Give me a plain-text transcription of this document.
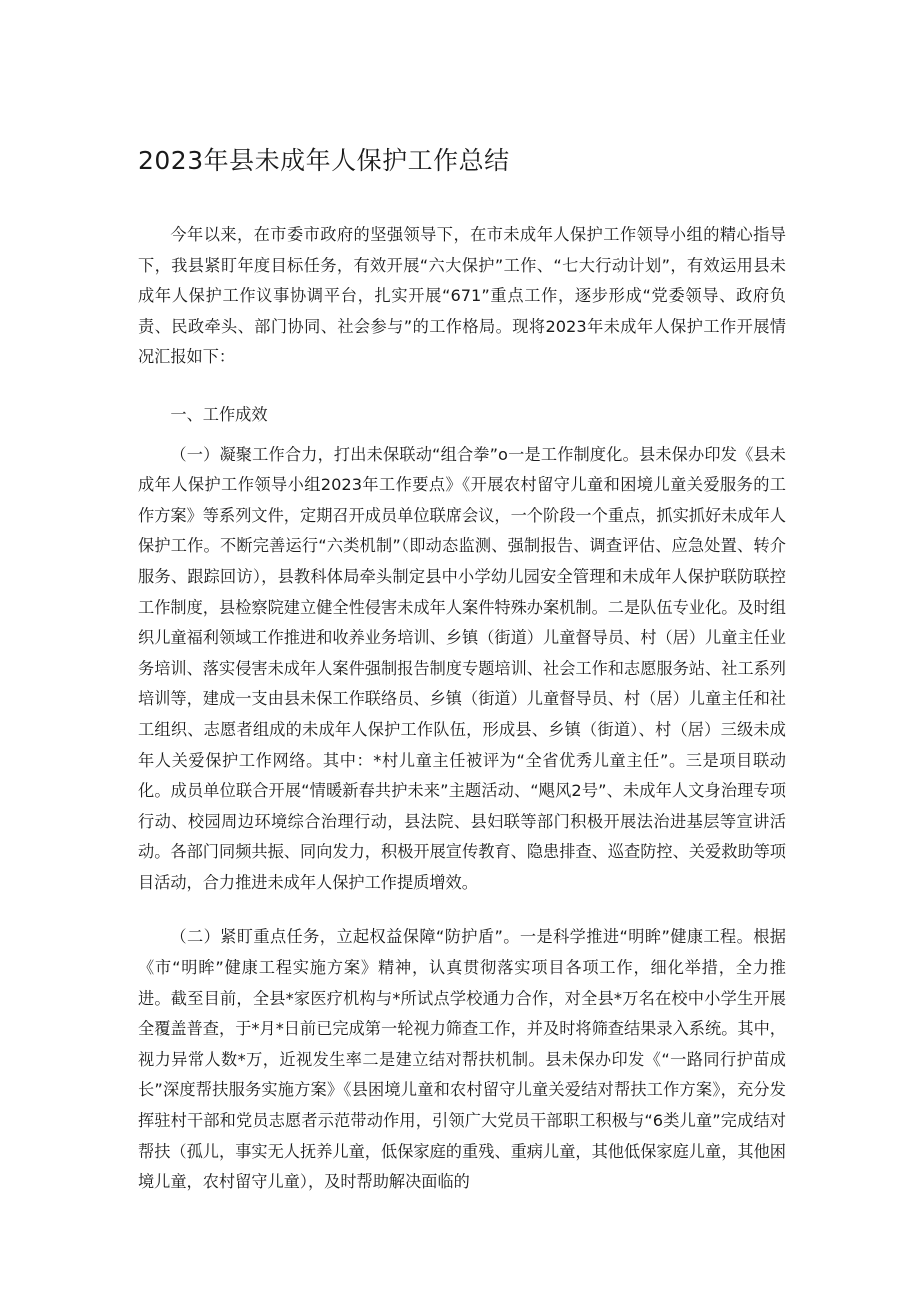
2023年县未成年人保护工作总结

今年以来，在市委市政府的坚强领导下，在市未成年人保护工作领导小组的精心指导下，我县紧盯年度目标任务，有效开展“六大保护”工作、“七大行动计划”，有效运用县未成年人保护工作议事协调平台，扎实开展“671”重点工作，逐步形成“党委领导、政府负责、民政牵头、部门协同、社会参与”的工作格局。现将2023年未成年人保护工作开展情况汇报如下：

一、工作成效

（一）凝聚工作合力，打出未保联动“组合拳”o一是工作制度化。县未保办印发《县未成年人保护工作领导小组2023年工作要点》《开展农村留守儿童和困境儿童关爱服务的工作方案》等系列文件，定期召开成员单位联席会议，一个阶段一个重点，抓实抓好未成年人保护工作。不断完善运行“六类机制”（即动态监测、强制报告、调查评估、应急处置、转介服务、跟踪回访），县教科体局牵头制定县中小学幼儿园安全管理和未成年人保护联防联控工作制度，县检察院建立健全性侵害未成年人案件特殊办案机制。二是队伍专业化。及时组织儿童福利领域工作推进和收养业务培训、乡镇（街道）儿童督导员、村（居）儿童主任业务培训、落实侵害未成年人案件强制报告制度专题培训、社会工作和志愿服务站、社工系列培训等，建成一支由县未保工作联络员、乡镇（街道）儿童督导员、村（居）儿童主任和社工组织、志愿者组成的未成年人保护工作队伍，形成县、乡镇（街道）、村（居）三级未成年人关爱保护工作网络。其中：*村儿童主任被评为“全省优秀儿童主任”。三是项目联动化。成员单位联合开展“情暖新春共护未来”主题活动、“飓风2号”、未成年人文身治理专项行动、校园周边环境综合治理行动，县法院、县妇联等部门积极开展法治进基层等宣讲活动。各部门同频共振、同向发力，积极开展宣传教育、隐患排查、巡查防控、关爱救助等项目活动，合力推进未成年人保护工作提质增效。

（二）紧盯重点任务，立起权益保障“防护盾”。一是科学推进“明眸”健康工程。根据《市“明眸”健康工程实施方案》精神，认真贯彻落实项目各项工作，细化举措，全力推进。截至目前，全县*家医疗机构与*所试点学校通力合作，对全县*万名在校中小学生开展全覆盖普查，于*月*日前已完成第一轮视力筛查工作，并及时将筛查结果录入系统。其中，视力异常人数*万，近视发生率二是建立结对帮扶机制。县未保办印发《“一路同行护苗成长”深度帮扶服务实施方案》《县困境儿童和农村留守儿童关爱结对帮扶工作方案》，充分发挥驻村干部和党员志愿者示范带动作用，引领广大党员干部职工积极与“6类儿童”完成结对帮扶（孤儿，事实无人抚养儿童，低保家庭的重残、重病儿童，其他低保家庭儿童，其他困境儿童，农村留守儿童），及时帮助解决面临的
